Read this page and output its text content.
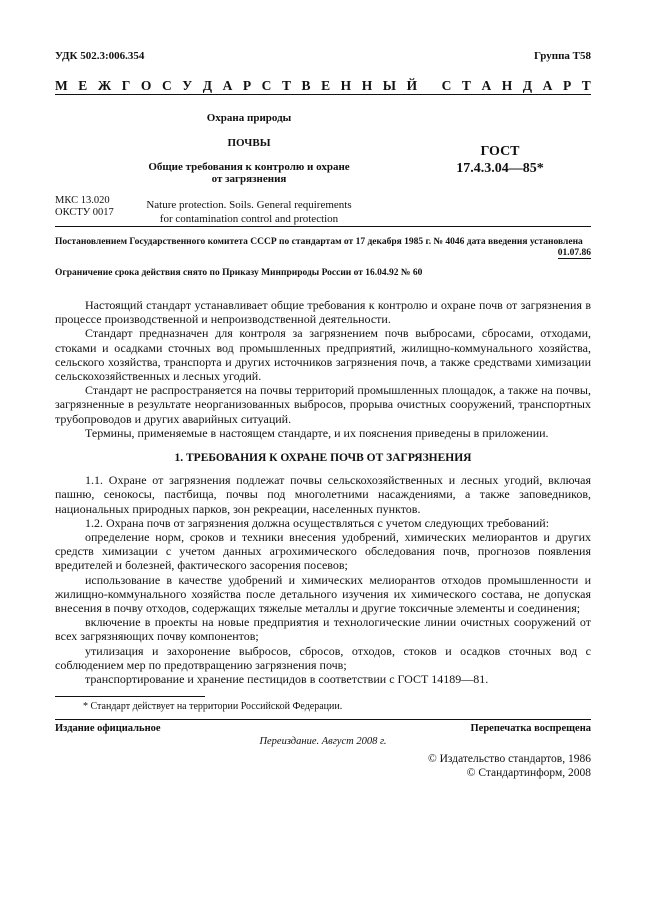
УДК 502.3:006.354	Группа Т58
М Е Ж Г О С У Д А Р С Т В Е Н Н Ы Й
С Т А Н Д А Р Т
Охрана природы
ПОЧВЫ
Общие требования к контролю и охране
от загрязнения
Nature protection. Soils. General requirements
for contamination control and protection
ГОСТ
17.4.3.04—85*
МКС 13.020
ОКСТУ 0017
Постановлением Государственного комитета СССР по стандартам от 17 декабря 1985 г. № 4046 дата введения установлена
01.07.86
Ограничение срока действия снято по Приказу Минприроды России от 16.04.92 № 60

Настоящий стандарт устанавливает общие требования к контролю и охране почв от загрязнения в процессе производственной и непроизводственной деятельности.

Стандарт предназначен для контроля за загрязнением почв выбросами, сбросами, отходами, стоками и осадками сточных вод промышленных предприятий, жилищно-коммунального хозяйства, сельского хозяйства, транспорта и других источников загрязнения почв, а также средствами химизации сельскохозяйственных и лесных угодий.

Стандарт не распространяется на почвы территорий промышленных площадок, а также на почвы, загрязненные в результате неорганизованных выбросов, прорыва очистных сооружений, транспортных трубопроводов и других аварийных ситуаций.

Термины, применяемые в настоящем стандарте, и их пояснения приведены в приложении.

1. ТРЕБОВАНИЯ К ОХРАНЕ ПОЧВ ОТ ЗАГРЯЗНЕНИЯ

1.1. Охране от загрязнения подлежат почвы сельскохозяйственных и лесных угодий, включая пашню, сенокосы, пастбища, почвы под многолетними насаждениями, а также заповедников, национальных природных парков, зон рекреации, населенных пунктов.

1.2. Охрана почв от загрязнения должна осуществляться с учетом следующих требований:

определение норм, сроков и техники внесения удобрений, химических мелиорантов и других средств химизации с учетом данных агрохимического обследования почв, прогнозов появления вредителей и болезней, фактического засорения посевов;

использование в качестве удобрений и химических мелиорантов отходов промышленности и жилищно-коммунального хозяйства после детального изучения их химического состава, не допуская внесения в почву отходов, содержащих тяжелые металлы и другие токсичные элементы и соединения;

включение в проекты на новые предприятия и технологические линии очистных сооружений от всех загрязняющих почву компонентов;

утилизация и захоронение выбросов, сбросов, отходов, стоков и осадков сточных вод с соблюдением мер по предотвращению загрязнения почв;

транспортирование и хранение пестицидов в соответствии с ГОСТ 14189—81.

* Стандарт действует на территории Российской Федерации.
Издание официальное	Перепечатка воспрещена
Переиздание. Август 2008 г.
© Издательство стандартов, 1986
© Стандартинформ, 2008
